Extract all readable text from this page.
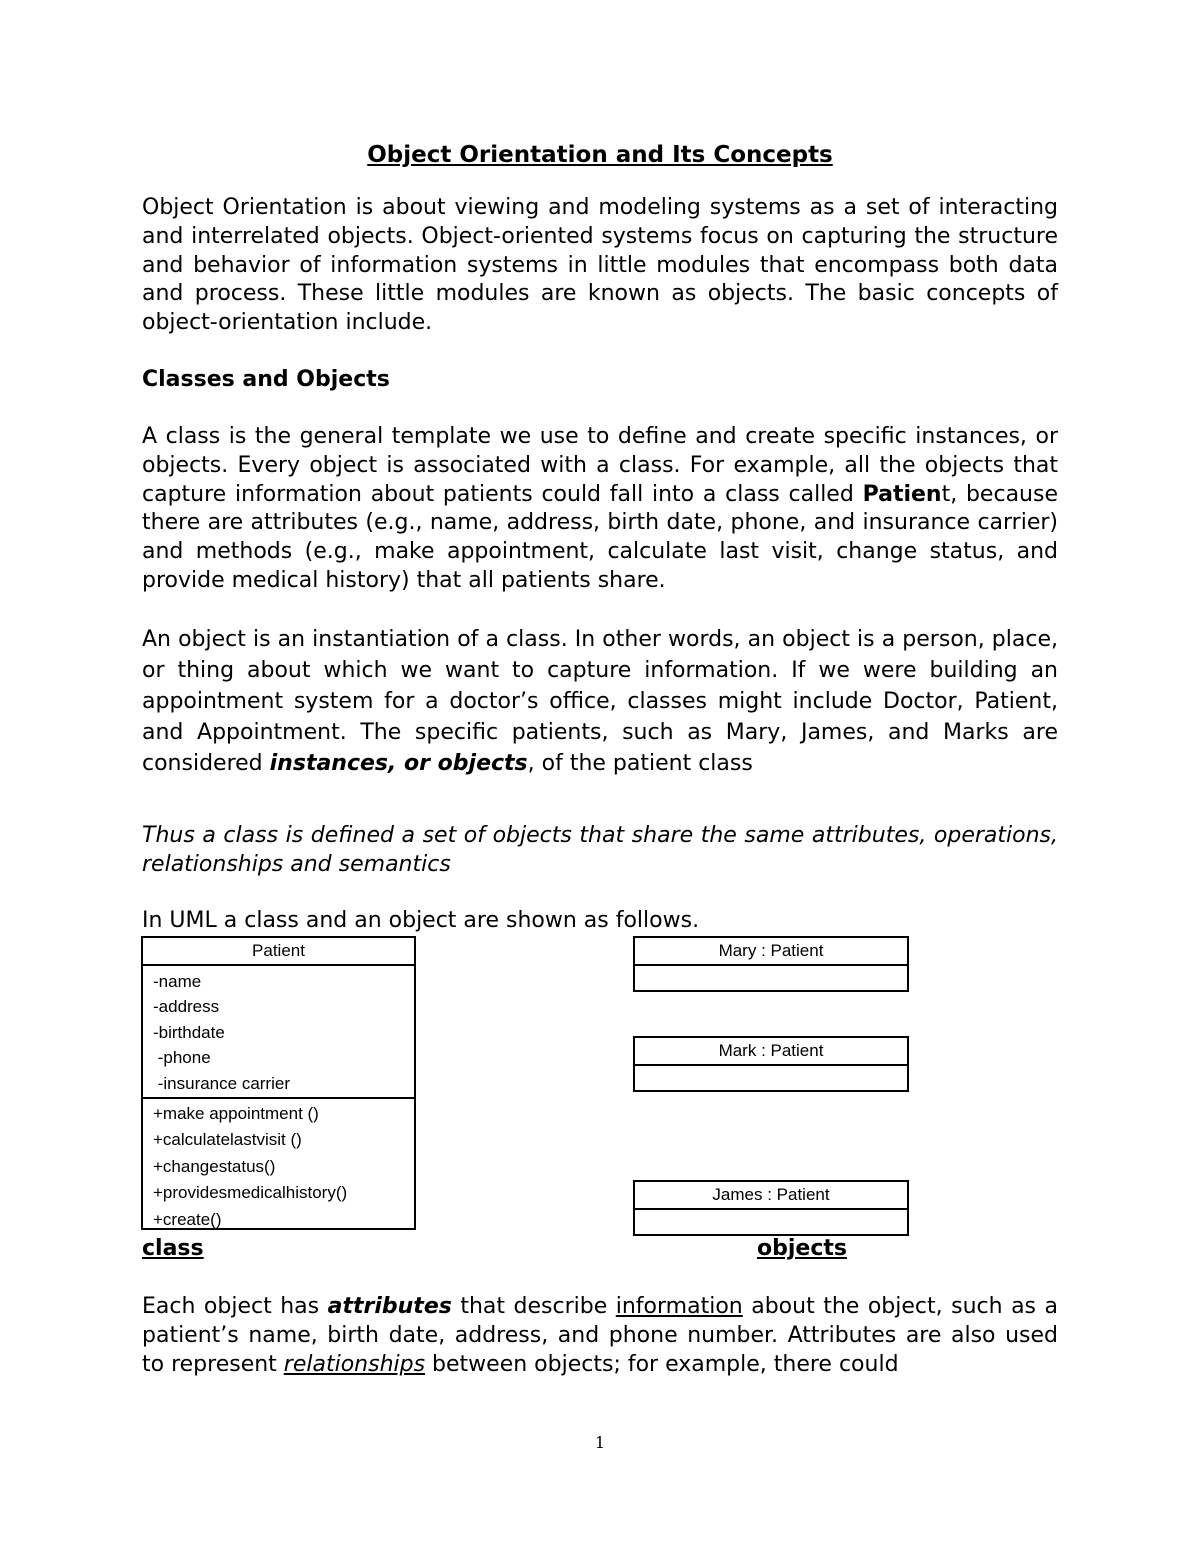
Object Orientation and Its Concepts
Object Orientation is about viewing and modeling systems as a set of interacting and interrelated objects. Object-oriented systems focus on capturing the structure and behavior of information systems in little modules that encompass both data and process. These little modules are known as objects. The basic concepts of object-orientation include.
Classes and Objects
A class is the general template we use to define and create specific instances, or objects. Every object is associated with a class. For example, all the objects that capture information about patients could fall into a class called Patient, because there are attributes (e.g., name, address, birth date, phone, and insurance carrier) and methods (e.g., make appointment, calculate last visit, change status, and provide medical history) that all patients share.
An object is an instantiation of a class. In other words, an object is a person, place, or thing about which we want to capture information. If we were building an appointment system for a doctor’s office, classes might include Doctor, Patient, and Appointment. The specific patients, such as Mary, James, and Marks are considered instances, or objects, of the patient class
Thus a class is defined a set of objects that share the same attributes, operations, relationships and semantics
In UML a class and an object are shown as follows.
Patient
-name
-address
-birthdate
-phone
-insurance carrier
+make appointment ()
+calculatelastvisit ()
+changestatus()
+providesmedicalhistory()
+create()
Mary : Patient
Mark : Patient
James : Patient
class	objects
Each object has attributes that describe information about the object, such as a patient’s name, birth date, address, and phone number. Attributes are also used to represent relationships between objects; for example, there could
1
